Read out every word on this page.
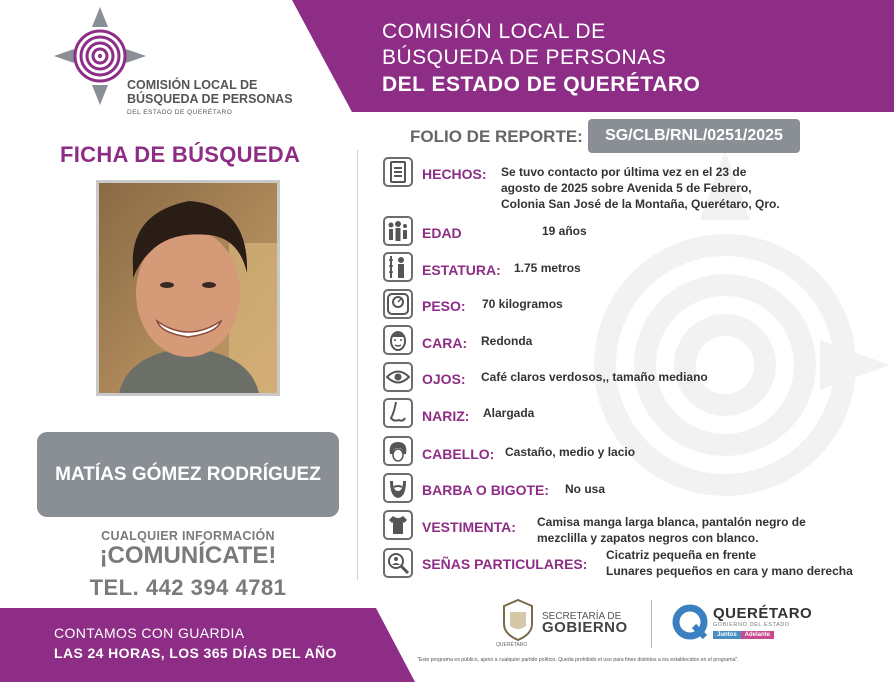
COMISIÓN LOCAL DE
BÚSQUEDA DE PERSONAS
DEL ESTADO DE QUERÉTARO
COMISIÓN LOCAL DE
BÚSQUEDA DE PERSONAS
DEL ESTADO DE QUERÉTARO
FICHA DE BÚSQUEDA
MATÍAS GÓMEZ RODRÍGUEZ
CUALQUIER INFORMACIÓN
¡COMUNÍCATE!
TEL. 442 394 4781
CONTAMOS CON GUARDIA
LAS 24 HORAS, LOS 365 DÍAS DEL AÑO
FOLIO DE REPORTE:	SG/CLB/RNL/0251/2025
HECHOS: Se tuvo contacto por última vez en el 23 de
agosto de 2025 sobre Avenida 5 de Febrero,
Colonia San José de la Montaña, Querétaro, Qro.
EDAD	19 años
ESTATURA: 1.75 metros
PESO: 70 kilogramos
CARA: Redonda
OJOS: Café claros verdosos,, tamaño mediano
NARIZ: Alargada
CABELLO: Castaño, medio y lacio
BARBA O BIGOTE: No usa
VESTIMENTA: Camisa manga larga blanca, pantalón negro de
mezclilla y zapatos negros con blanco.
SEÑAS PARTICULARES:
Cicatriz pequeña en frente
Lunares pequeños en cara y mano derecha
QUERÉTARO
SECRETARÍA DE
GOBIERNO
QUERÉTARO
GOBIERNO DEL ESTADO
Juntos	Adelante
"Este programa es público, ajeno a cualquier partido político. Queda prohibido el uso para fines distintos a los establecidos en el programa".
